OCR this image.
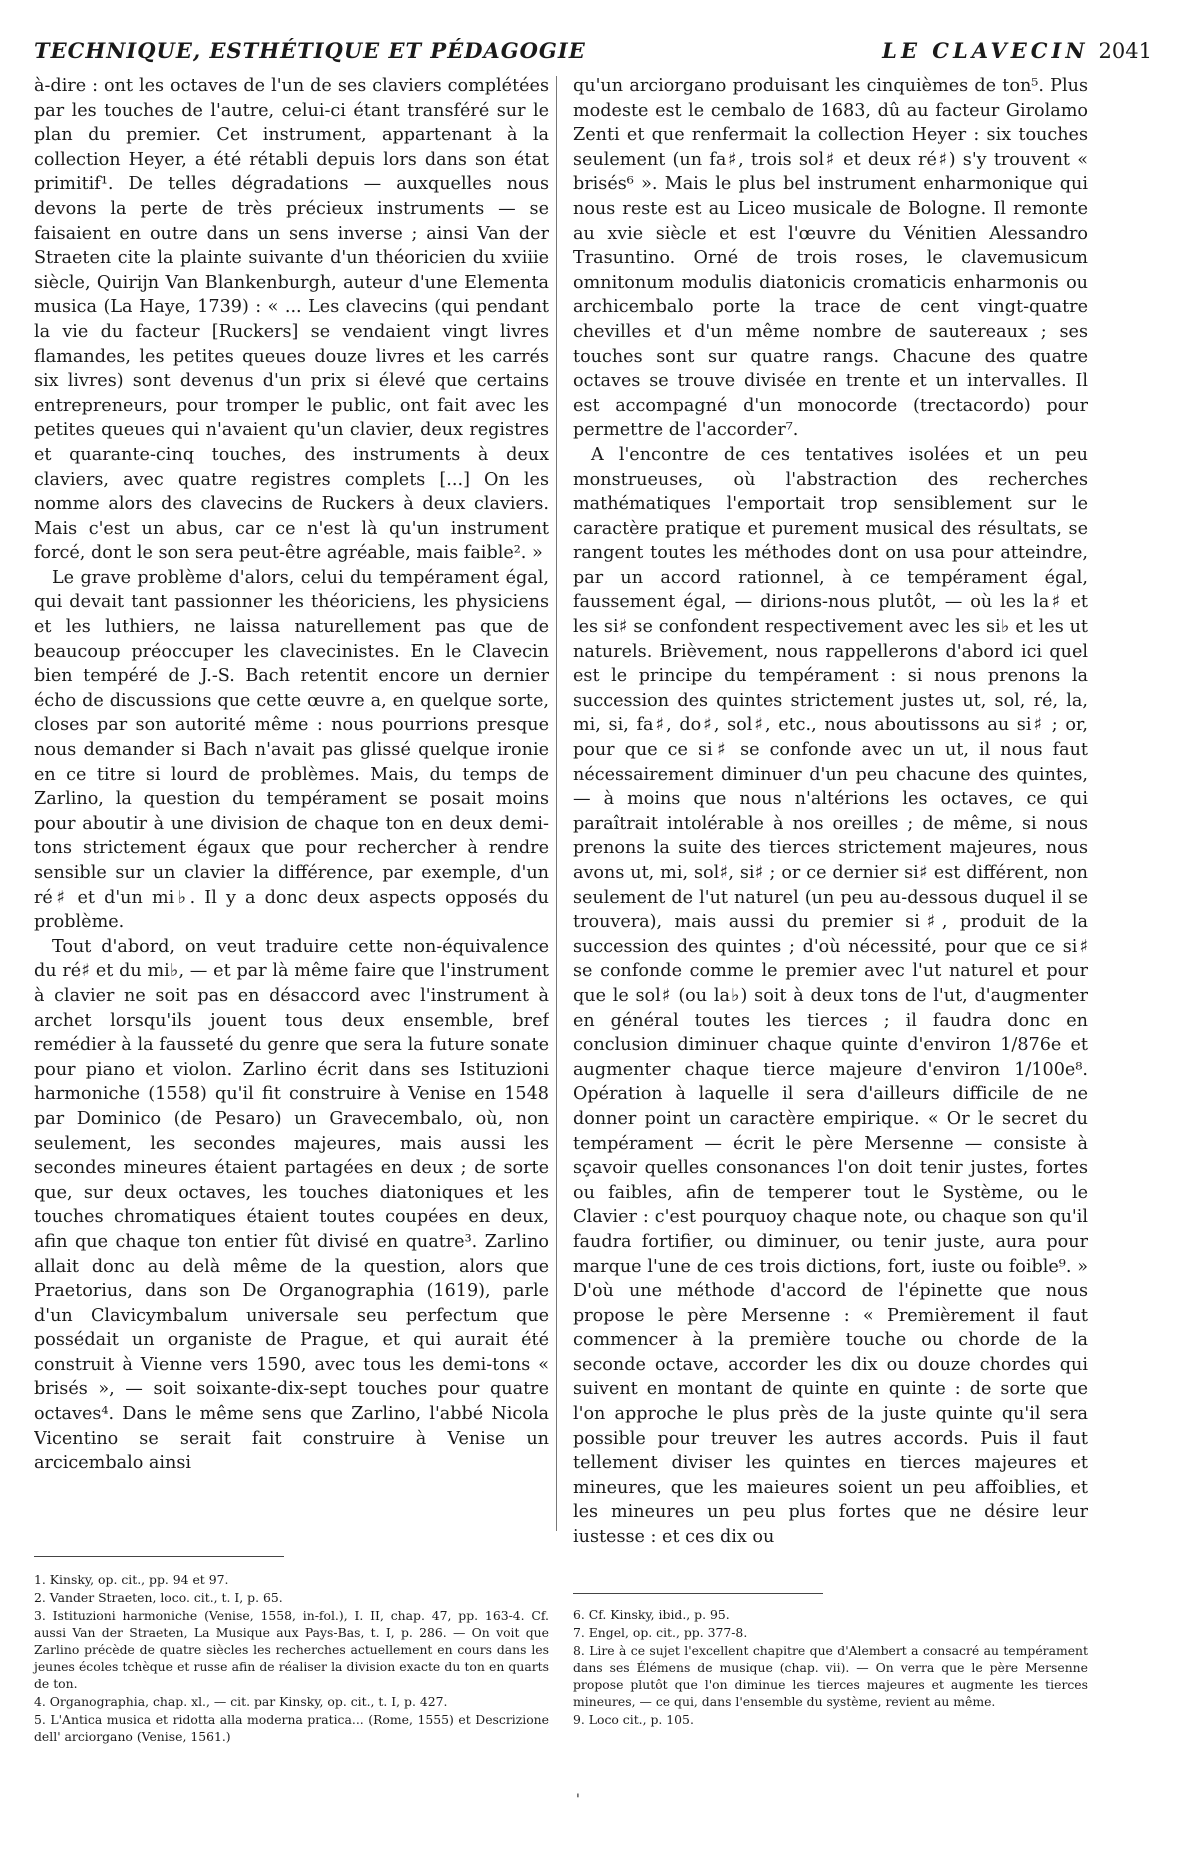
TECHNIQUE, ESTHÉTIQUE ET PÉDAGOGIE	LE CLAVECIN 2041

à-dire : ont les octaves de l'un de ses claviers complétées par les touches de l'autre, celui-ci étant transféré sur le plan du premier. Cet instrument, appartenant à la collection Heyer, a été rétabli depuis lors dans son état primitif¹. De telles dégradations — auxquelles nous devons la perte de très précieux instruments — se faisaient en outre dans un sens inverse ; ainsi Van der Straeten cite la plainte suivante d'un théoricien du xviiie siècle, Quirijn Van Blankenburgh, auteur d'une Elementa musica (La Haye, 1739) : « ... Les clavecins (qui pendant la vie du facteur [Ruckers] se vendaient vingt livres flamandes, les petites queues douze livres et les carrés six livres) sont devenus d'un prix si élevé que certains entrepreneurs, pour tromper le public, ont fait avec les petites queues qui n'avaient qu'un clavier, deux registres et quarante-cinq touches, des instruments à deux claviers, avec quatre registres complets [...] On les nomme alors des clavecins de Ruckers à deux claviers. Mais c'est un abus, car ce n'est là qu'un instrument forcé, dont le son sera peut-être agréable, mais faible². »

Le grave problème d'alors, celui du tempérament égal, qui devait tant passionner les théoriciens, les physiciens et les luthiers, ne laissa naturellement pas que de beaucoup préoccuper les clavecinistes. En le Clavecin bien tempéré de J.-S. Bach retentit encore un dernier écho de discussions que cette œuvre a, en quelque sorte, closes par son autorité même : nous pourrions presque nous demander si Bach n'avait pas glissé quelque ironie en ce titre si lourd de problèmes. Mais, du temps de Zarlino, la question du tempérament se posait moins pour aboutir à une division de chaque ton en deux demi-tons strictement égaux que pour rechercher à rendre sensible sur un clavier la différence, par exemple, d'un ré♯ et d'un mi♭. Il y a donc deux aspects opposés du problème.

Tout d'abord, on veut traduire cette non-équivalence du ré♯ et du mi♭, — et par là même faire que l'instrument à clavier ne soit pas en désaccord avec l'instrument à archet lorsqu'ils jouent tous deux ensemble, bref remédier à la fausseté du genre que sera la future sonate pour piano et violon. Zarlino écrit dans ses Istituzioni harmoniche (1558) qu'il fit construire à Venise en 1548 par Dominico (de Pesaro) un Gravecembalo, où, non seulement, les secondes majeures, mais aussi les secondes mineures étaient partagées en deux ; de sorte que, sur deux octaves, les touches diatoniques et les touches chromatiques étaient toutes coupées en deux, afin que chaque ton entier fût divisé en quatre³. Zarlino allait donc au delà même de la question, alors que Praetorius, dans son De Organographia (1619), parle d'un Clavicymbalum universale seu perfectum que possédait un organiste de Prague, et qui aurait été construit à Vienne vers 1590, avec tous les demi-tons « brisés », — soit soixante-dix-sept touches pour quatre octaves⁴. Dans le même sens que Zarlino, l'abbé Nicola Vicentino se serait fait construire à Venise un arcicembalo ainsi

1. Kinsky, op. cit., pp. 94 et 97.
2. Vander Straeten, loco. cit., t. I, p. 65.
3. Istituzioni harmoniche (Venise, 1558, in-fol.), I. II, chap. 47, pp. 163-4. Cf. aussi Van der Straeten, La Musique aux Pays-Bas, t. I, p. 286. — On voit que Zarlino précède de quatre siècles les recherches actuellement en cours dans les jeunes écoles tchèque et russe afin de réaliser la division exacte du ton en quarts de ton.
4. Organographia, chap. xl., — cit. par Kinsky, op. cit., t. I, p. 427.
5. L'Antica musica et ridotta alla moderna pratica... (Rome, 1555) et Descrizione dell' arciorgano (Venise, 1561.)

qu'un arciorgano produisant les cinquièmes de ton⁵. Plus modeste est le cembalo de 1683, dû au facteur Girolamo Zenti et que renfermait la collection Heyer : six touches seulement (un fa♯, trois sol♯ et deux ré♯) s'y trouvent « brisés⁶ ». Mais le plus bel instrument enharmonique qui nous reste est au Liceo musicale de Bologne. Il remonte au xvie siècle et est l'œuvre du Vénitien Alessandro Trasuntino. Orné de trois roses, le clavemusicum omnitonum modulis diatonicis cromaticis enharmonis ou archicembalo porte la trace de cent vingt-quatre chevilles et d'un même nombre de sautereaux ; ses touches sont sur quatre rangs. Chacune des quatre octaves se trouve divisée en trente et un intervalles. Il est accompagné d'un monocorde (trectacordo) pour permettre de l'accorder⁷.

A l'encontre de ces tentatives isolées et un peu monstrueuses, où l'abstraction des recherches mathématiques l'emportait trop sensiblement sur le caractère pratique et purement musical des résultats, se rangent toutes les méthodes dont on usa pour atteindre, par un accord rationnel, à ce tempérament égal, faussement égal, — dirions-nous plutôt, — où les la♯ et les si♯ se confondent respectivement avec les si♭ et les ut naturels. Brièvement, nous rappellerons d'abord ici quel est le principe du tempérament : si nous prenons la succession des quintes strictement justes ut, sol, ré, la, mi, si, fa♯, do♯, sol♯, etc., nous aboutissons au si♯ ; or, pour que ce si♯ se confonde avec un ut, il nous faut nécessairement diminuer d'un peu chacune des quintes, — à moins que nous n'altérions les octaves, ce qui paraîtrait intolérable à nos oreilles ; de même, si nous prenons la suite des tierces strictement majeures, nous avons ut, mi, sol♯, si♯ ; or ce dernier si♯ est différent, non seulement de l'ut naturel (un peu au-dessous duquel il se trouvera), mais aussi du premier si♯, produit de la succession des quintes ; d'où nécessité, pour que ce si♯ se confonde comme le premier avec l'ut naturel et pour que le sol♯ (ou la♭) soit à deux tons de l'ut, d'augmenter en général toutes les tierces ; il faudra donc en conclusion diminuer chaque quinte d'environ 1/876e et augmenter chaque tierce majeure d'environ 1/100e⁸. Opération à laquelle il sera d'ailleurs difficile de ne donner point un caractère empirique. « Or le secret du tempérament — écrit le père Mersenne — consiste à sçavoir quelles consonances l'on doit tenir justes, fortes ou faibles, afin de temperer tout le Système, ou le Clavier : c'est pourquoy chaque note, ou chaque son qu'il faudra fortifier, ou diminuer, ou tenir juste, aura pour marque l'une de ces trois dictions, fort, iuste ou foible⁹. » D'où une méthode d'accord de l'épinette que nous propose le père Mersenne : « Premièrement il faut commencer à la première touche ou chorde de la seconde octave, accorder les dix ou douze chordes qui suivent en montant de quinte en quinte : de sorte que l'on approche le plus près de la juste quinte qu'il sera possible pour treuver les autres accords. Puis il faut tellement diviser les quintes en tierces majeures et mineures, que les maieures soient un peu affoiblies, et les mineures un peu plus fortes que ne désire leur iustesse : et ces dix ou

6. Cf. Kinsky, ibid., p. 95.
7. Engel, op. cit., pp. 377-8.
8. Lire à ce sujet l'excellent chapitre que d'Alembert a consacré au tempérament dans ses Élémens de musique (chap. vii). — On verra que le père Mersenne propose plutôt que l'on diminue les tierces majeures et augmente les tierces mineures, — ce qui, dans l'ensemble du système, revient au même.
9. Loco cit., p. 105.
'
